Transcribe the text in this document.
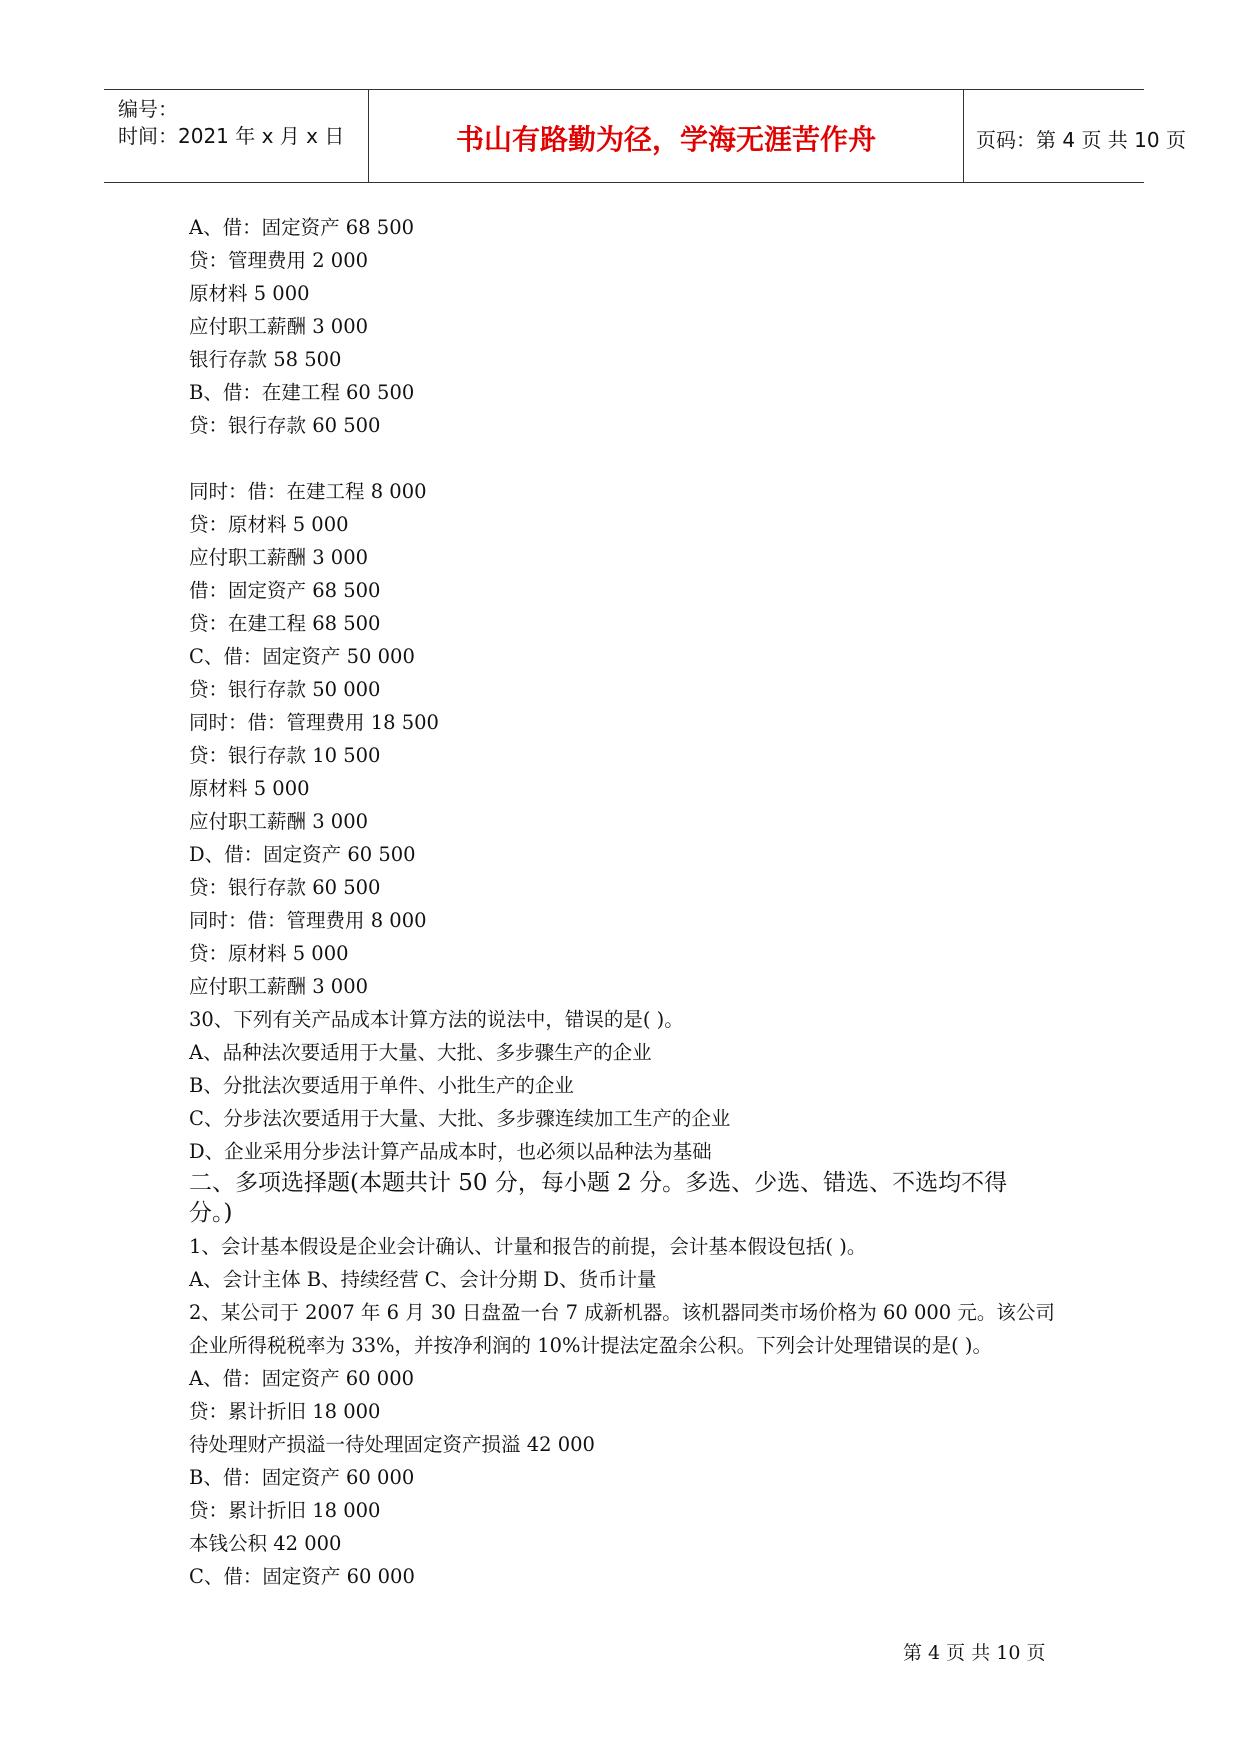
编号：
时间：2021 年 x 月 x 日	书山有路勤为径，学海无涯苦作舟	页码：第 4 页 共 10 页
A、借：固定资产 68 500
贷：管理费用 2 000
原材料 5 000
应付职工薪酬 3 000
银行存款 58 500
B、借：在建工程 60 500
贷：银行存款 60 500
同时：借：在建工程 8 000
贷：原材料 5 000
应付职工薪酬 3 000
借：固定资产 68 500
贷：在建工程 68 500
C、借：固定资产 50 000
贷：银行存款 50 000
同时：借：管理费用 18 500
贷：银行存款 10 500
原材料 5 000
应付职工薪酬 3 000
D、借：固定资产 60 500
贷：银行存款 60 500
同时：借：管理费用 8 000
贷：原材料 5 000
应付职工薪酬 3 000
30、下列有关产品成本计算方法的说法中，错误的是( )。
A、品种法次要适用于大量、大批、多步骤生产的企业
B、分批法次要适用于单件、小批生产的企业
C、分步法次要适用于大量、大批、多步骤连续加工生产的企业
D、企业采用分步法计算产品成本时，也必须以品种法为基础
二、多项选择题(本题共计 50 分，每小题 2 分。多选、少选、错选、不选均不得
分。)
1、会计基本假设是企业会计确认、计量和报告的前提，会计基本假设包括( )。
A、会计主体 B、持续经营 C、会计分期 D、货币计量
2、某公司于 2007 年 6 月 30 日盘盈一台 7 成新机器。该机器同类市场价格为 60 000 元。该公司
企业所得税税率为 33%，并按净利润的 10%计提法定盈余公积。下列会计处理错误的是( )。
A、借：固定资产 60 000
贷：累计折旧 18 000
待处理财产损溢一待处理固定资产损溢 42 000
B、借：固定资产 60 000
贷：累计折旧 18 000
本钱公积 42 000
C、借：固定资产 60 000
第 4 页 共 10 页
